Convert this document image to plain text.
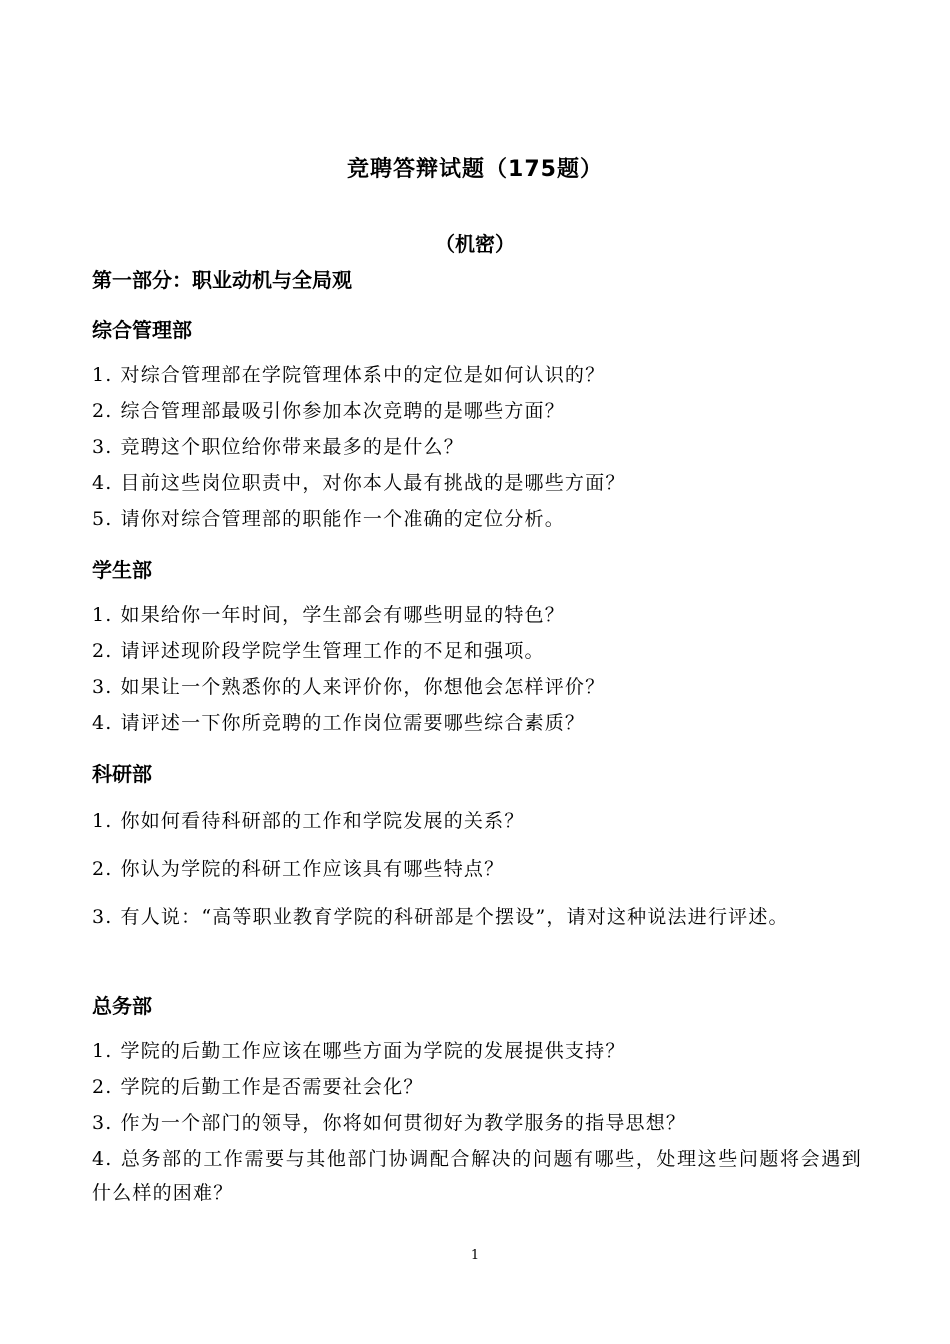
竞聘答辩试题（175题）
（机密）
第一部分：职业动机与全局观
综合管理部
1. 对综合管理部在学院管理体系中的定位是如何认识的？
2. 综合管理部最吸引你参加本次竞聘的是哪些方面？
3. 竞聘这个职位给你带来最多的是什么？
4. 目前这些岗位职责中，对你本人最有挑战的是哪些方面？
5. 请你对综合管理部的职能作一个准确的定位分析。
学生部
1. 如果给你一年时间，学生部会有哪些明显的特色？
2. 请评述现阶段学院学生管理工作的不足和强项。
3. 如果让一个熟悉你的人来评价你，你想他会怎样评价？
4. 请评述一下你所竞聘的工作岗位需要哪些综合素质？
科研部
1. 你如何看待科研部的工作和学院发展的关系？
2. 你认为学院的科研工作应该具有哪些特点？
3. 有人说：“高等职业教育学院的科研部是个摆设”，请对这种说法进行评述。
总务部
1. 学院的后勤工作应该在哪些方面为学院的发展提供支持？
2. 学院的后勤工作是否需要社会化？
3. 作为一个部门的领导，你将如何贯彻好为教学服务的指导思想？
4. 总务部的工作需要与其他部门协调配合解决的问题有哪些，处理这些问题将会遇到什么样的困难？
1
